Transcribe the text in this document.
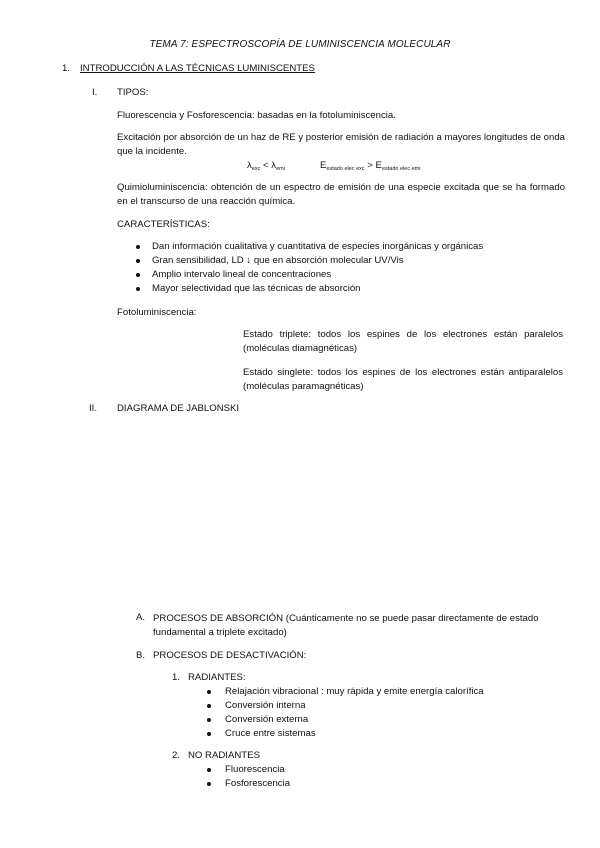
TEMA 7: ESPECTROSCOPÍA DE LUMINISCENCIA MOLECULAR
1. INTRODUCCIÓN A LAS TÉCNICAS LUMINISCENTES
I. TIPOS:
Fluorescencia y Fosforescencia: basadas en la fotoluminiscencia.
Excitación por absorción de un haz de RE y posterior emisión de radiación a mayores longitudes de onda que la incidente.
$\lambda_{exc} < \lambda_{emi}$	$E_{estado elec exc} > E_{estado elec emi}$
Quimioluminiscencia: obtención de un espectro de emisión de una especie excitada que se ha formado en el transcurso de una reacción química.
CARACTERÍSTICAS:
Dan información cualitativa y cuantitativa de especies inorgánicas y orgánicas
Gran sensibilidad, LD ↓ que en absorción molecular UV/Vis
Amplio intervalo lineal de concentraciones
Mayor selectividad que las técnicas de absorción
Fotoluminiscencia:
Estado triplete: todos los espines de los electrones están paralelos (moléculas diamagnéticas)
Estado singlete: todos los espines de los electrones están antiparalelos (moléculas paramagnéticas)
II. DIAGRAMA DE JABLONSKI
A. PROCESOS DE ABSORCIÓN (Cuánticamente no se puede pasar directamente de estado fundamental a triplete excitado)
B. PROCESOS DE DESACTIVACIÓN:
1. RADIANTES:
Relajación vibracional : muy rápida y emite energía calorífica
Conversión interna
Conversión externa
Cruce entre sistemas
2. NO RADIANTES
Fluorescencia
Fosforescencia
